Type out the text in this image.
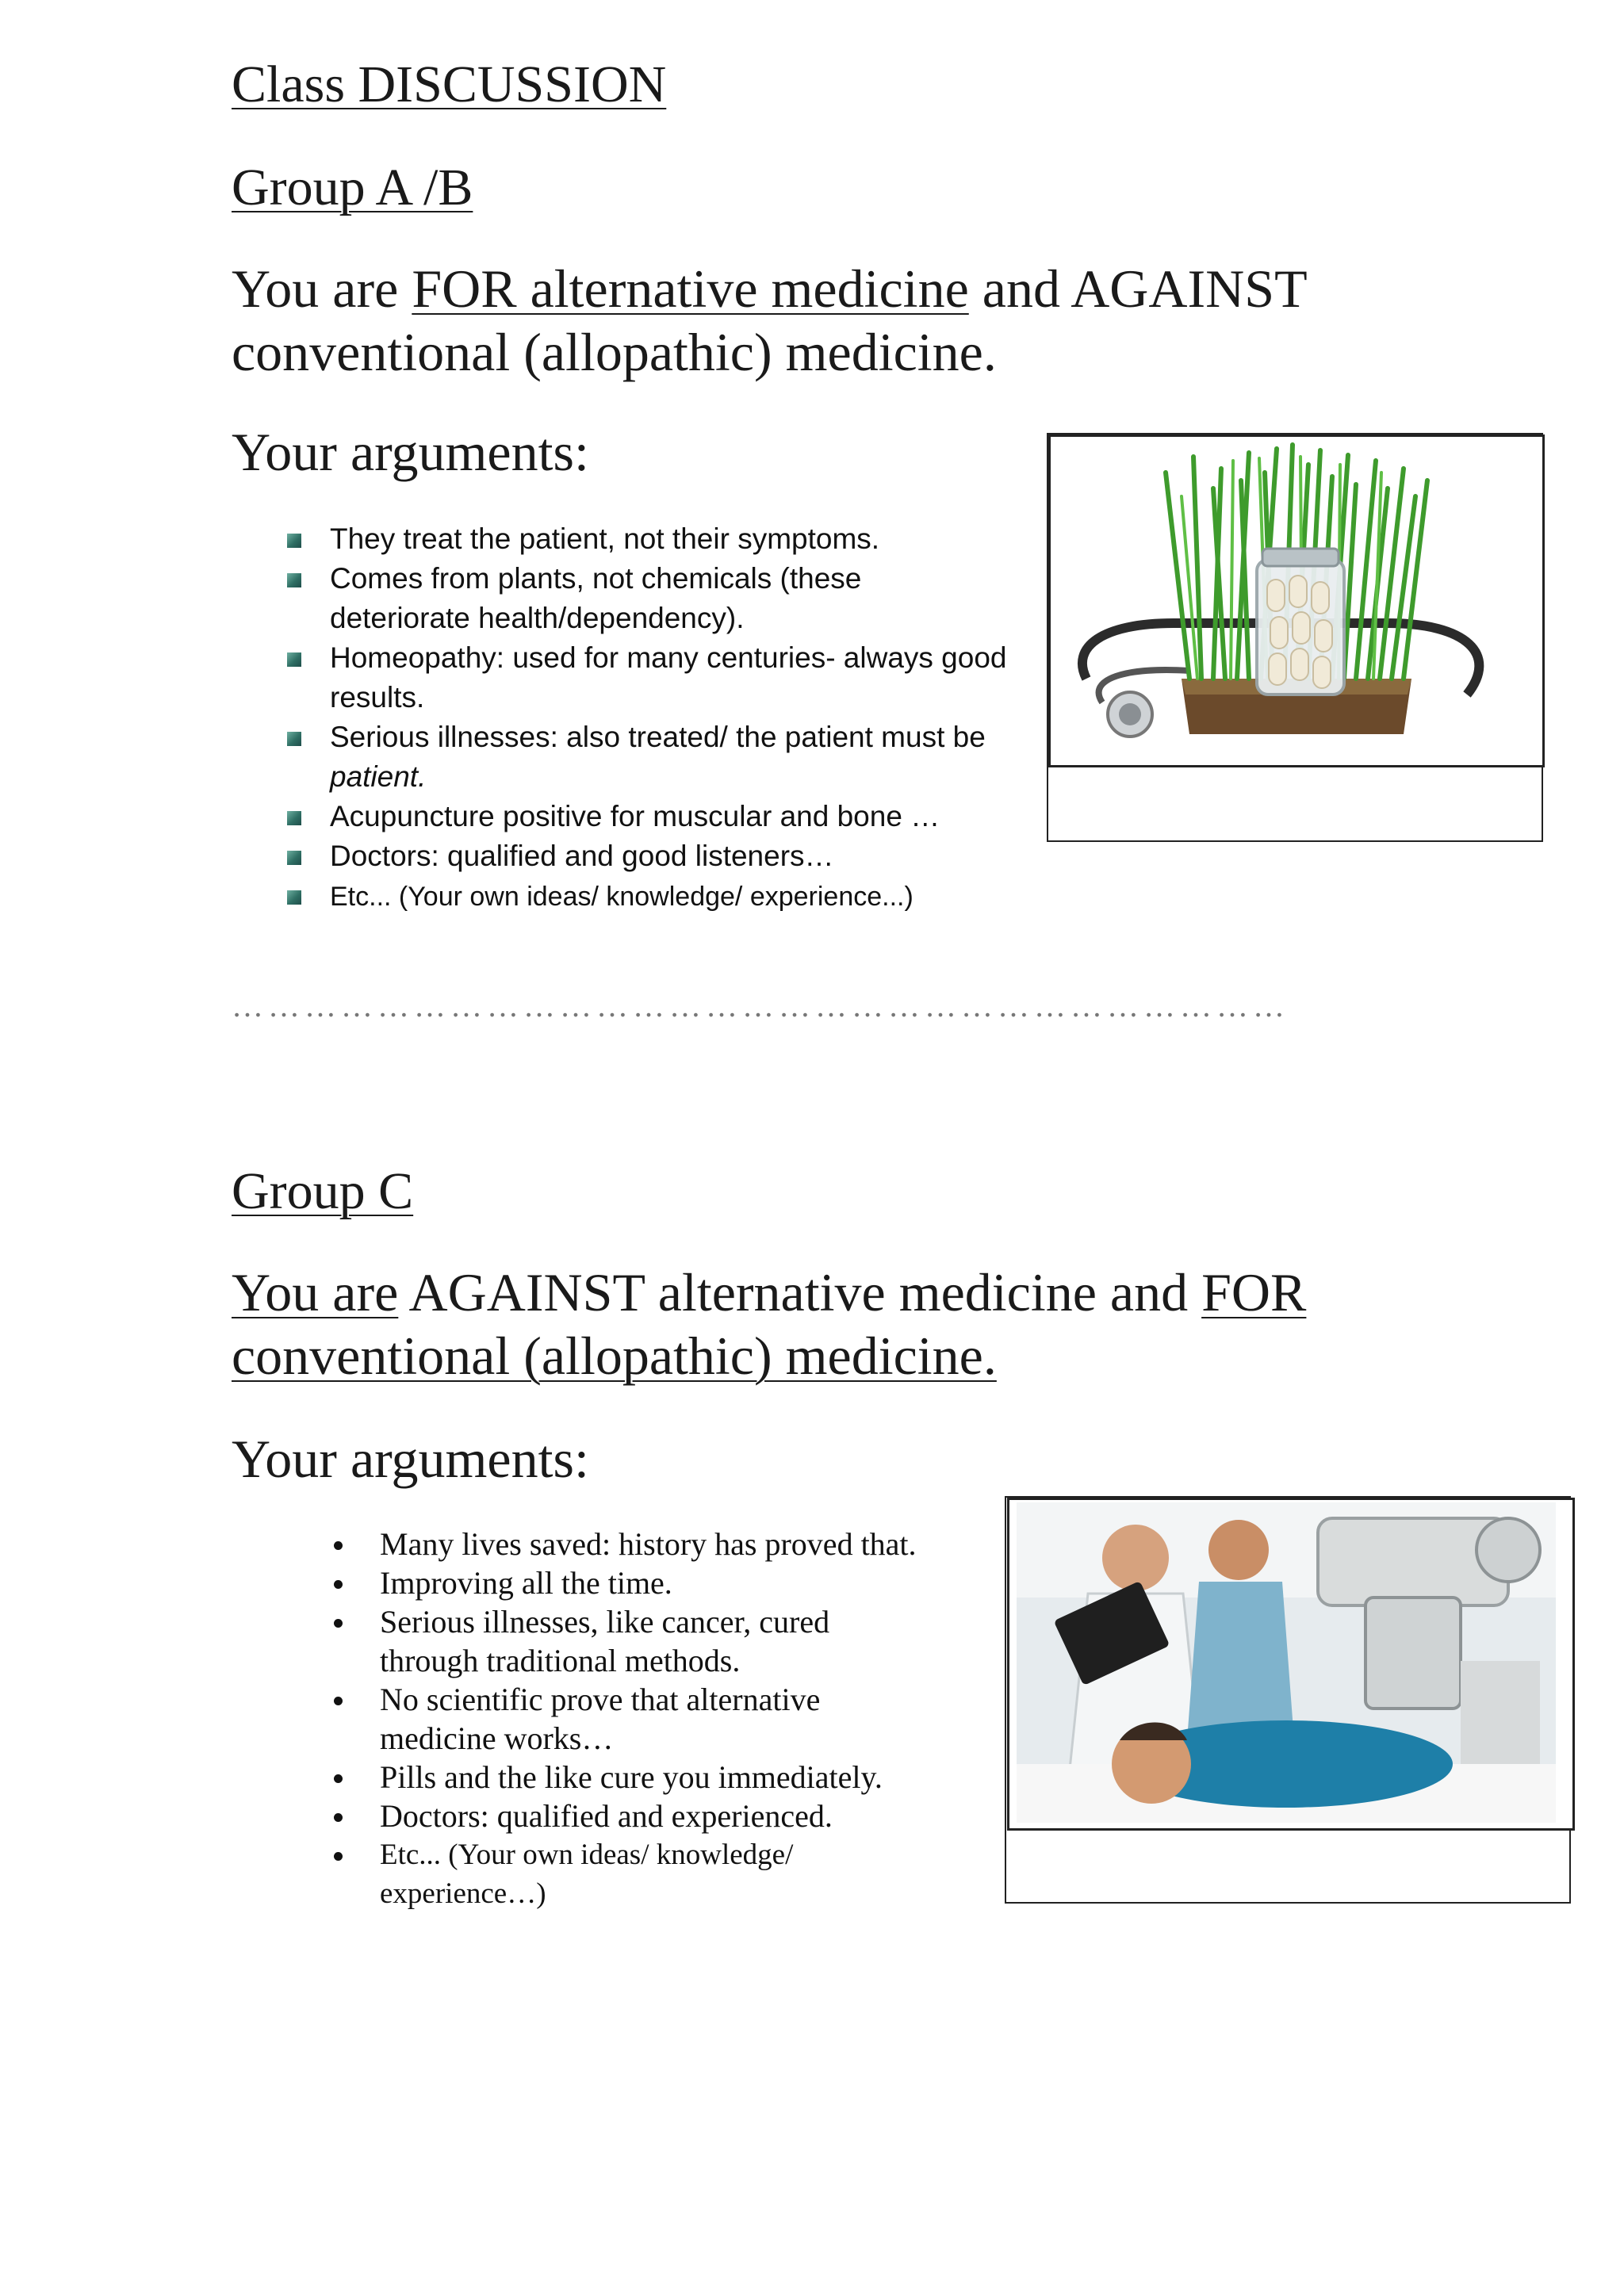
Class DISCUSSION
Group A /B
You are FOR alternative medicine and AGAINST
conventional (allopathic) medicine.
Your arguments:
They treat the patient, not their symptoms.
Comes from plants, not chemicals (these
deteriorate health/dependency).
Homeopathy: used for many centuries- always good
results.
Serious illnesses: also treated/ the patient must be
patient.
Acupuncture positive for muscular and bone …
Doctors: qualified and good listeners…
Etc... (Your own ideas/ knowledge/ experience...)
……………………………………………………………………………
Group C
You are AGAINST alternative medicine and FOR
conventional (allopathic) medicine.
Your arguments:
Many lives saved: history has proved that.
Improving all the time.
Serious illnesses, like cancer, cured
through traditional methods.
No scientific prove that alternative
medicine works…
Pills and the like cure you immediately.
Doctors: qualified and experienced.
Etc... (Your own ideas/ knowledge/
experience…)
